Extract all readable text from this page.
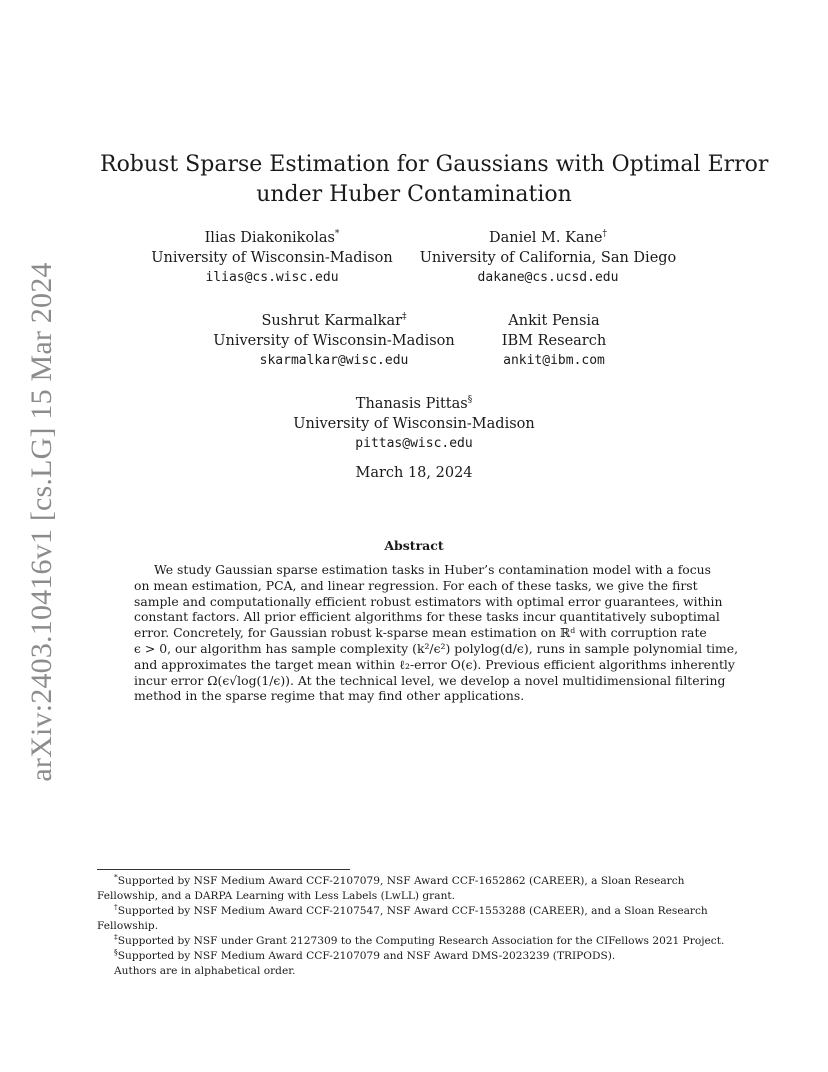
arXiv:2403.10416v1 [cs.LG] 15 Mar 2024
Robust Sparse Estimation for Gaussians with Optimal Error
under Huber Contamination
Ilias Diakonikolas*
University of Wisconsin-Madison
ilias@cs.wisc.edu
Daniel M. Kane†
University of California, San Diego
dakane@cs.ucsd.edu
Sushrut Karmalkar‡
University of Wisconsin-Madison
skarmalkar@wisc.edu
Ankit Pensia
IBM Research
ankit@ibm.com
Thanasis Pittas§
University of Wisconsin-Madison
pittas@wisc.edu
March 18, 2024
Abstract
We study Gaussian sparse estimation tasks in Huber’s contamination model with a focus
on mean estimation, PCA, and linear regression. For each of these tasks, we give the first
sample and computationally efficient robust estimators with optimal error guarantees, within
constant factors. All prior efficient algorithms for these tasks incur quantitatively suboptimal
error. Concretely, for Gaussian robust k-sparse mean estimation on ℝᵈ with corruption rate
ϵ > 0, our algorithm has sample complexity (k²/ϵ²) polylog(d/ϵ), runs in sample polynomial time,
and approximates the target mean within ℓ₂-error O(ϵ). Previous efficient algorithms inherently
incur error Ω(ϵ√log(1/ϵ)). At the technical level, we develop a novel multidimensional filtering
method in the sparse regime that may find other applications.
*Supported by NSF Medium Award CCF-2107079, NSF Award CCF-1652862 (CAREER), a Sloan Research
Fellowship, and a DARPA Learning with Less Labels (LwLL) grant.
†Supported by NSF Medium Award CCF-2107547, NSF Award CCF-1553288 (CAREER), and a Sloan Research
Fellowship.
‡Supported by NSF under Grant 2127309 to the Computing Research Association for the CIFellows 2021 Project.
§Supported by NSF Medium Award CCF-2107079 and NSF Award DMS-2023239 (TRIPODS).
Authors are in alphabetical order.
